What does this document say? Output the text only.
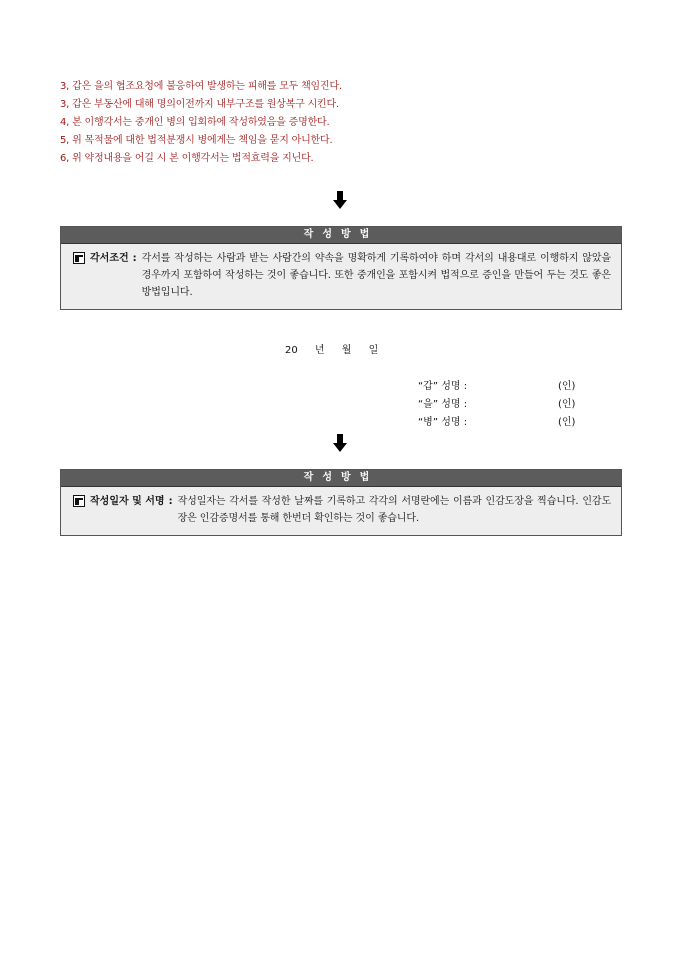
3, 갑은 을의 협조요청에 불응하여 발생하는 피해를 모두 책임진다.
3, 갑은 부동산에 대해 명의이전까지 내부구조를 원상복구 시킨다.
4, 본 이행각서는 중개인 병의 입회하에 작성하였음을 증명한다.
5, 위 목적물에 대한 법적분쟁시 병에게는 책임을 묻지 아니한다.
6, 위 약정내용을 어길 시 본 이행각서는 법적효력을 지닌다.
작성방법
각서조건 : 각서를 작성하는 사람과 받는 사람간의 약속을 명확하게 기록하여야 하며 각서의 내용대로 이행하지 않았을 경우까지 포함하여 작성하는 것이 좋습니다. 또한 중개인을 포함시켜 법적으로 증인을 만들어 두는 것도 좋은 방법입니다.
20 년 월 일
“갑” 성명 :	(인)
“을” 성명 :	(인)
“병” 성명 :	(인)
작성방법
작성일자 및 서명 : 작성일자는 각서를 작성한 날짜를 기록하고 각각의 서명란에는 이름과 인감도장을 찍습니다. 인감도장은 인감증명서를 통해 한번더 확인하는 것이 좋습니다.
